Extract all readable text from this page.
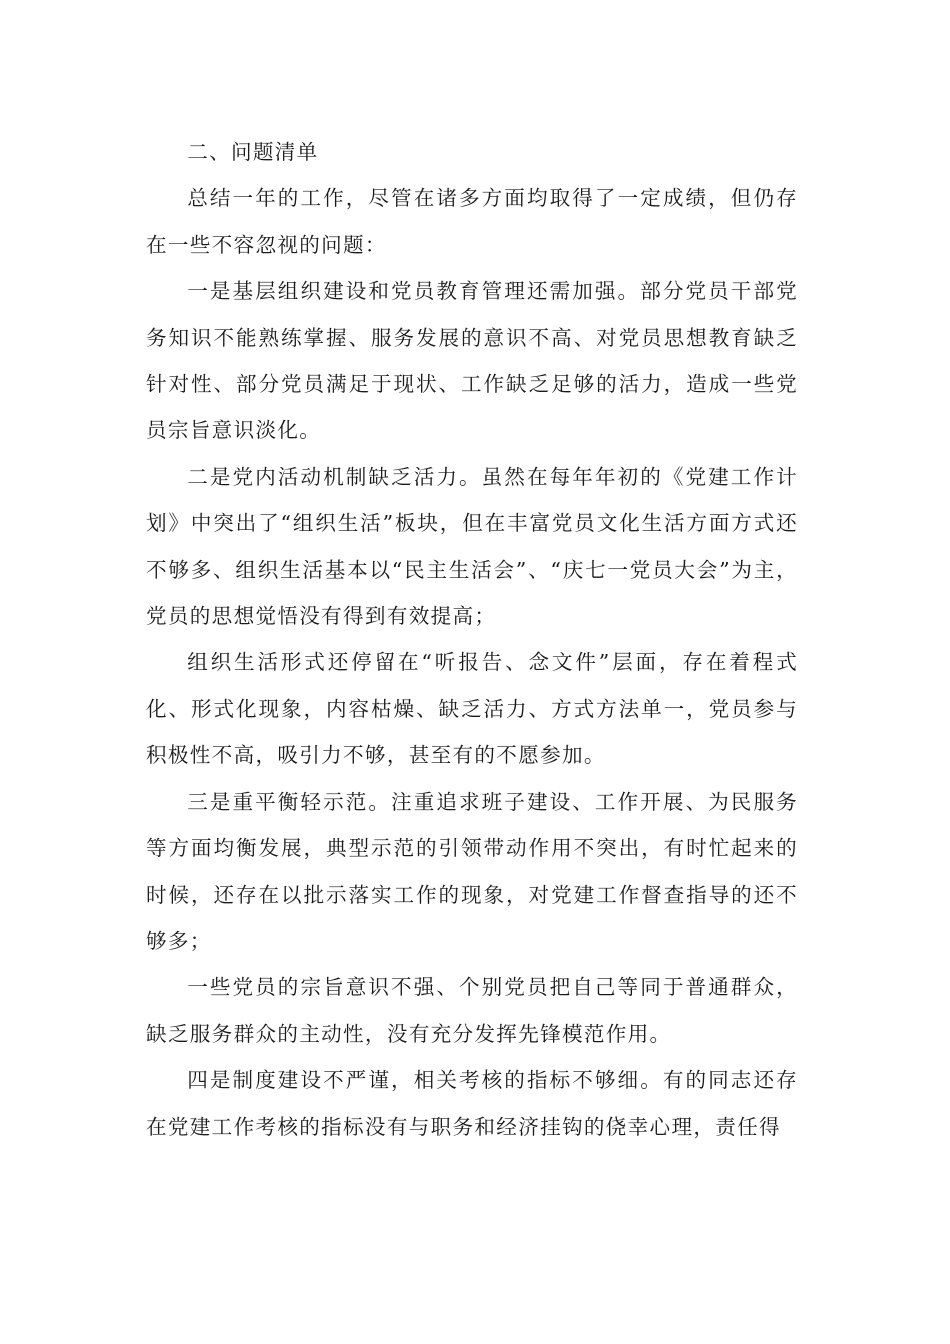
二、问题清单

总结一年的工作，尽管在诸多方面均取得了一定成绩，但仍存在一些不容忽视的问题：

一是基层组织建设和党员教育管理还需加强。部分党员干部党务知识不能熟练掌握、服务发展的意识不高、对党员思想教育缺乏针对性、部分党员满足于现状、工作缺乏足够的活力，造成一些党员宗旨意识淡化。

二是党内活动机制缺乏活力。虽然在每年年初的《党建工作计划》中突出了“组织生活”板块，但在丰富党员文化生活方面方式还不够多、组织生活基本以“民主生活会”、“庆七一党员大会”为主，党员的思想觉悟没有得到有效提高；

组织生活形式还停留在“听报告、念文件”层面，存在着程式化、形式化现象，内容枯燥、缺乏活力、方式方法单一，党员参与积极性不高，吸引力不够，甚至有的不愿参加。

三是重平衡轻示范。注重追求班子建设、工作开展、为民服务等方面均衡发展，典型示范的引领带动作用不突出，有时忙起来的时候，还存在以批示落实工作的现象，对党建工作督查指导的还不够多；

一些党员的宗旨意识不强、个别党员把自己等同于普通群众，缺乏服务群众的主动性，没有充分发挥先锋模范作用。

四是制度建设不严谨，相关考核的指标不够细。有的同志还存在党建工作考核的指标没有与职务和经济挂钩的侥幸心理，责任得
